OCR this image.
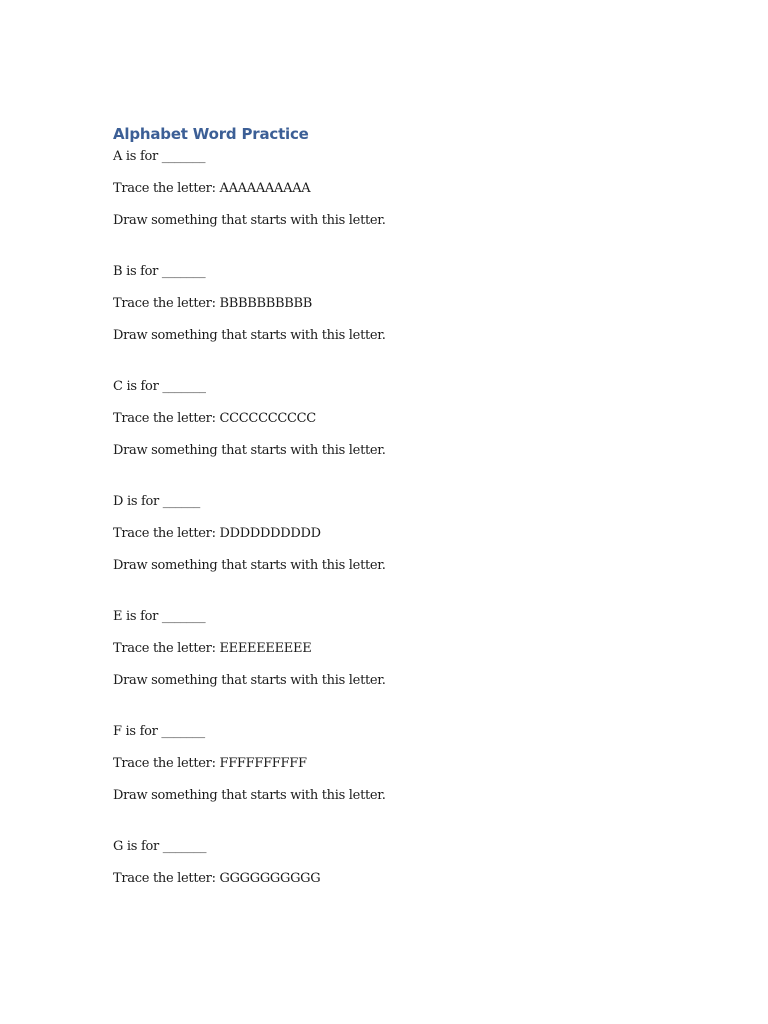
Alphabet Word Practice
A is for _______
Trace the letter: AAAAAAAAAA
Draw something that starts with this letter.
B is for _______
Trace the letter: BBBBBBBBBB
Draw something that starts with this letter.
C is for _______
Trace the letter: CCCCCCCCCC
Draw something that starts with this letter.
D is for ______
Trace the letter: DDDDDDDDDD
Draw something that starts with this letter.
E is for _______
Trace the letter: EEEEEEEEEE
Draw something that starts with this letter.
F is for _______
Trace the letter: FFFFFFFFFF
Draw something that starts with this letter.
G is for _______
Trace the letter: GGGGGGGGGG
